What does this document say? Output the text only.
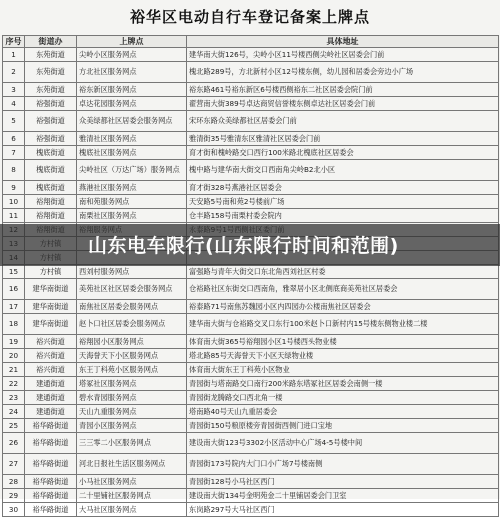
裕华区电动自行车登记备案上牌点
序号	街道办	上牌点	具体地址
1	东苑街道	尖岭小区服务网点	建华南大街126号，尖岭小区11号楼西侧尖岭社区居委会门前
2	东苑街道	方北社区服务网点	槐北路289号，方北新村小区12号楼东侧，幼儿园和居委会旁边小广场
3	东苑街道	裕东新区服务网点	裕东路461号裕东新区6号楼西侧裕东二社区居委会院门前
4	裕强街道	卓达花园服务网点	翟营南大街389号卓达商贸信誉楼东侧卓达社区居委会门前
5	裕强街道	众美绿都社区居委会服务网点	宋环东路众美绿都社区居委会门前
6	裕强街道	雅清社区服务网点	雅清街35号雅清东区雅清社区居委会门前
7	槐底街道	槐底社区服务网点	育才街和槐岭路交口西行100米路北槐底社区居委会
8	槐底街道	尖岭社区（万达广场）服务网点	槐中路与建华南大街交口西南角尖岭B2北小区
9	槐底街道	燕港社区服务网点	育才街328号燕港社区居委会
10	裕翔街道	南和苑服务网点	天安路5号南和苑2号楼前广场
11	裕翔街道	南栗社区服务网点	仓丰路158号南栗村委会院内

15	方村镇	西刘村服务网点	富强路与青年大街交口东北角西刘社区村委
16	建华南街道	美苑社区社区居委会服务网点	仓裕路社区东街交口西南角，雅翠居小区北侧底商美苑社区居委会
17	建华南街道	南焦社区居委会服务网点	裕泰路71号南焦苏魏园小区内四园办公楼南焦社区居委会
18	建华南街道	赵卜口社区居委会服务网点	建华南大街与仓裕路交叉口东行100米赵卜口新村内15号楼东侧物业楼二楼
19	裕兴街道	裕翔园小区服务网点	体育南大街365号裕翔园小区1号楼西头物业楼
20	裕兴街道	天海誉天下小区服务网点	塔北路85号天海誉天下小区天绿物业楼
21	裕兴街道	东王丁科苑小区服务网点	体育南大街东王丁科苑小区物业
22	建通街道	塔冢社区服务网点	青园街与塔南路交口南行200米路东塔冢社区居委会南侧一楼
23	建通街道	碧水青园服务网点	青园街龙腾路交口西北角一楼
24	建通街道	天山九重服务网点	塔南路40号天山九重居委会
25	裕华路街道	青园小区服务网点	青园街150号粮原楼旁青园街西侧门进口宝地
26	裕华路街道	三三零二小区服务网点	建设南大街123号3302小区活动中心广场4-5号楼中间
27	裕华路街道	河北日报社生活区服务网点	青园街173号院内大门口小广场7号楼南侧
28	裕华路街道	小马社区服务网点	青园街128号小马社区西门
29	裕华路街道	二十里铺社区服务网点	建设南大街134号金明苑金二十里铺居委会门卫室
30	裕华路街道	大马社区服务网点	东岗路297号大马社区西门
山东电车限行(山东限行时间和范围)
